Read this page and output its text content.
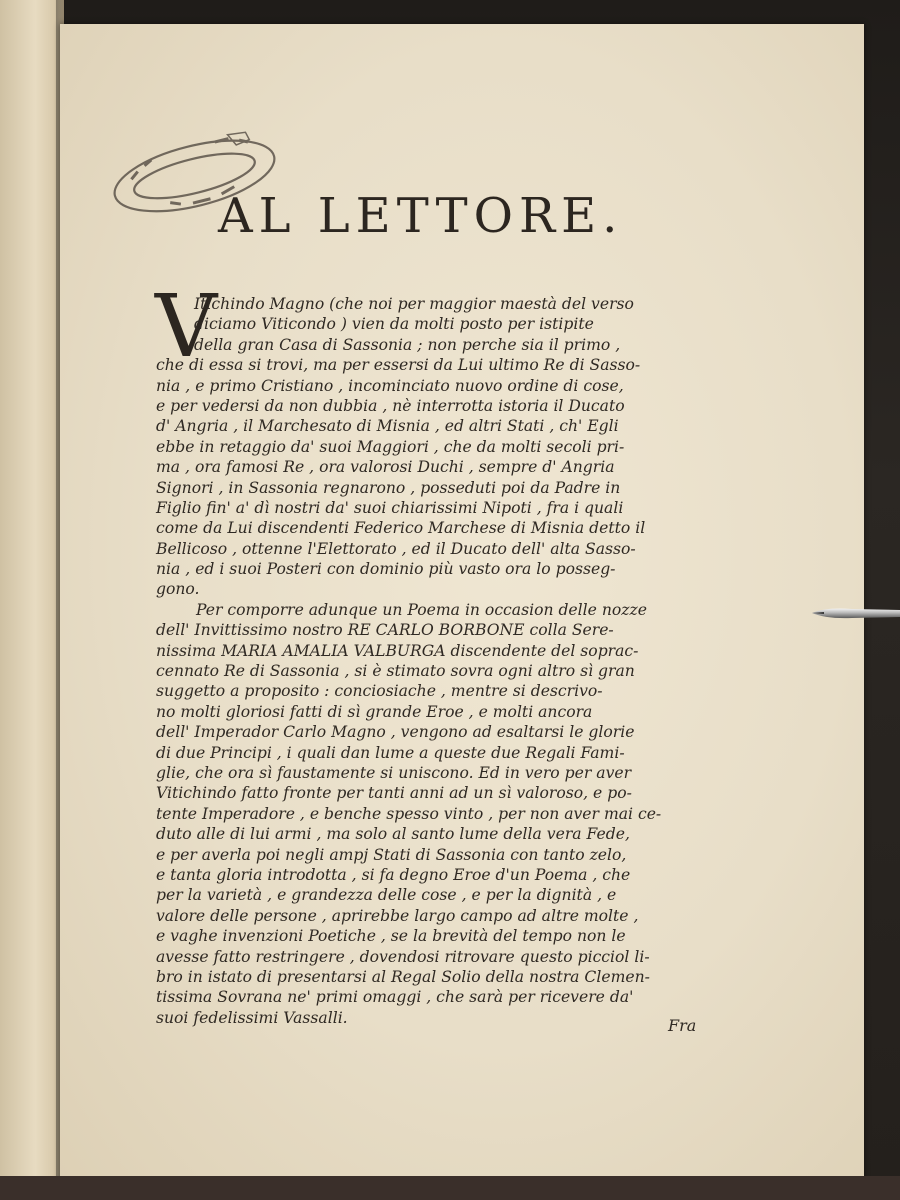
AL LETTORE.
V
Itichindo Magno (che noi per maggior maestà del verso
diciamo Viticondo ) vien da molti posto per istipite
della gran Casa di Sassonia ; non perche sia il primo ,
che di essa si trovi, ma per essersi da Lui ultimo Re di Sasso-
nia , e primo Cristiano , incominciato nuovo ordine di cose,
e per vedersi da non dubbia , nè interrotta istoria il Ducato
d' Angria , il Marchesato di Misnia , ed altri Stati , ch' Egli
ebbe in retaggio da' suoi Maggiori , che da molti secoli pri-
ma , ora famosi Re , ora valorosi Duchi , sempre d' Angria
Signori , in Sassonia regnarono , posseduti poi da Padre in
Figlio fin' a' dì nostri da' suoi chiarissimi Nipoti , fra i quali
come da Lui discendenti Federico Marchese di Misnia detto il
Bellicoso , ottenne l'Elettorato , ed il Ducato dell' alta Sasso-
nia , ed i suoi Posteri con dominio più vasto ora lo posseg-
gono.
Per comporre adunque un Poema in occasion delle nozze
dell' Invittissimo nostro RE CARLO BORBONE colla Sere-
nissima MARIA AMALIA VALBURGA discendente del soprac-
cennato Re di Sassonia , si è stimato sovra ogni altro sì gran
suggetto a proposito : conciosiache , mentre si descrivo-
no molti gloriosi fatti di sì grande Eroe , e molti ancora
dell' Imperador Carlo Magno , vengono ad esaltarsi le glorie
di due Principi , i quali dan lume a queste due Regali Fami-
glie, che ora sì faustamente si uniscono. Ed in vero per aver
Vitichindo fatto fronte per tanti anni ad un sì valoroso, e po-
tente Imperadore , e benche spesso vinto , per non aver mai ce-
duto alle di lui armi , ma solo al santo lume della vera Fede,
e per averla poi negli ampj Stati di Sassonia con tanto zelo,
e tanta gloria introdotta , si fa degno Eroe d'un Poema , che
per la varietà , e grandezza delle cose , e per la dignità , e
valore delle persone , aprirebbe largo campo ad altre molte ,
e vaghe invenzioni Poetiche , se la brevità del tempo non le
avesse fatto restringere , dovendosi ritrovare questo picciol li-
bro in istato di presentarsi al Regal Solio della nostra Clemen-
tissima Sovrana ne' primi omaggi , che sarà per ricevere da'
suoi fedelissimi Vassalli.	Fra
